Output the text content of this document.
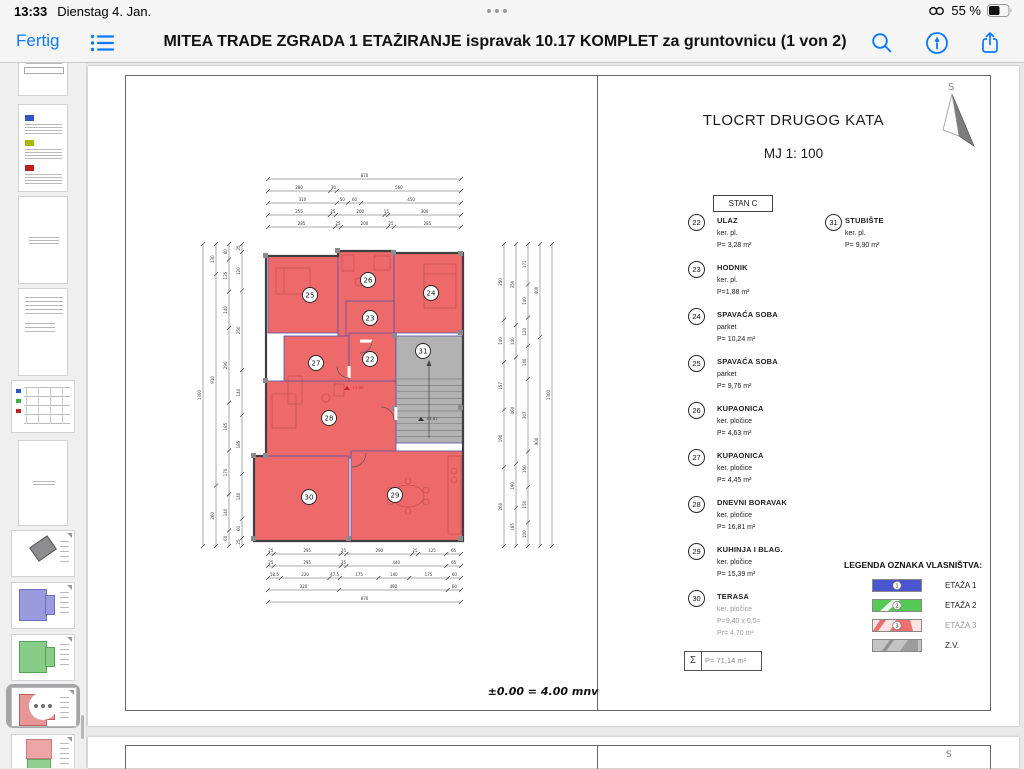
13:33 Dienstag 4. Jan.	55 %
Fertig	MITEA TRADE ZGRADA 1 ETAŽIRANJE ispravak 10.17 KOMPLET za gruntovnicu (1 von 2)
25
26
24
23
27	22
31
28
30	29
+1,50
+3,02
870
280	30	560
310	50 60	450
255	25	200	15	300
285	25	200	25	285
25	295	25	290	25	125	65
25	295	25	440	65
58.5	220	47.5	175	140	175	60
320	490	60
870
1300
130
910
260
60
125
140
290
185
170
140
60
25
120
250
140
185
140
60
25
250
140
157
190
260
350
140
460
190
165
171
140
120
140
307
150
150
100
400
900
1300
TLOCRT DRUGOG KATA
MJ 1: 100
S
STAN C
22	ULAZ
ker. pl.
P= 3,28 m²
31 STUBIŠTE
ker. pl.
P= 9,90 m²
23	HODNIK
ker. pl.
P=1,88 m²
24	SPAVAĆA SOBA
parket
P= 10,24 m²
25	SPAVAĆA SOBA
parket
P= 9,76 m²
26	KUPAONICA
ker. pločice
P= 4,63 m²
27	KUPAONICA
ker. pločice
P= 4,45 m²
28	DNEVNI BORAVAK
ker. pločice
P= 16,81 m²
29	KUHINJA I BLAG.
ker. pločice
P= 15,39 m²
30	TERASA
ker. pločice
P=9,40 x 0,5=
Pr= 4,70 m²
LEGENDA OZNAKA VLASNIŠTVA:
1	ETAŽA 1
2	ETAŽA 2
3	ETAŽA 3
Z.V.
Σ	P= 71,14 m²
±0.00 = 4.00 mnv
S
